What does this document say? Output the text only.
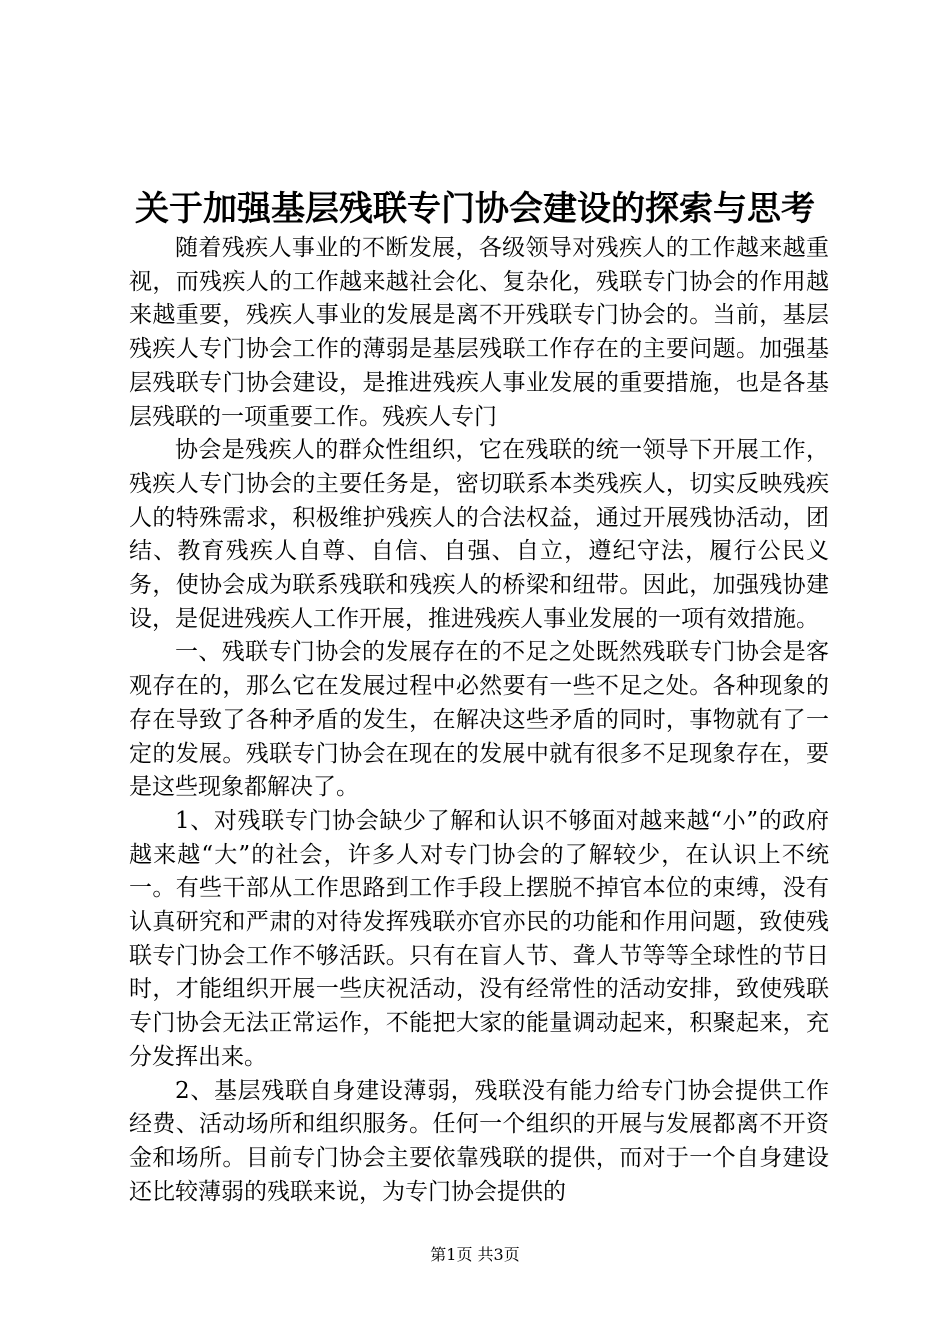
关于加强基层残联专门协会建设的探索与思考

随着残疾人事业的不断发展，各级领导对残疾人的工作越来越重视，而残疾人的工作越来越社会化、复杂化，残联专门协会的作用越来越重要，残疾人事业的发展是离不开残联专门协会的。当前，基层残疾人专门协会工作的薄弱是基层残联工作存在的主要问题。加强基层残联专门协会建设，是推进残疾人事业发展的重要措施，也是各基层残联的一项重要工作。残疾人专门

协会是残疾人的群众性组织，它在残联的统一领导下开展工作，残疾人专门协会的主要任务是，密切联系本类残疾人，切实反映残疾人的特殊需求，积极维护残疾人的合法权益，通过开展残协活动，团结、教育残疾人自尊、自信、自强、自立，遵纪守法，履行公民义务，使协会成为联系残联和残疾人的桥梁和纽带。因此，加强残协建设，是促进残疾人工作开展，推进残疾人事业发展的一项有效措施。

一、残联专门协会的发展存在的不足之处既然残联专门协会是客观存在的，那么它在发展过程中必然要有一些不足之处。各种现象的存在导致了各种矛盾的发生，在解决这些矛盾的同时，事物就有了一定的发展。残联专门协会在现在的发展中就有很多不足现象存在，要是这些现象都解决了。

1、对残联专门协会缺少了解和认识不够面对越来越“小”的政府越来越“大”的社会，许多人对专门协会的了解较少，在认识上不统一。有些干部从工作思路到工作手段上摆脱不掉官本位的束缚，没有认真研究和严肃的对待发挥残联亦官亦民的功能和作用问题，致使残联专门协会工作不够活跃。只有在盲人节、聋人节等等全球性的节日时，才能组织开展一些庆祝活动，没有经常性的活动安排，致使残联专门协会无法正常运作，不能把大家的能量调动起来，积聚起来，充分发挥出来。

2、基层残联自身建设薄弱，残联没有能力给专门协会提供工作经费、活动场所和组织服务。任何一个组织的开展与发展都离不开资金和场所。目前专门协会主要依靠残联的提供，而对于一个自身建设还比较薄弱的残联来说，为专门协会提供的

第1页 共3页
